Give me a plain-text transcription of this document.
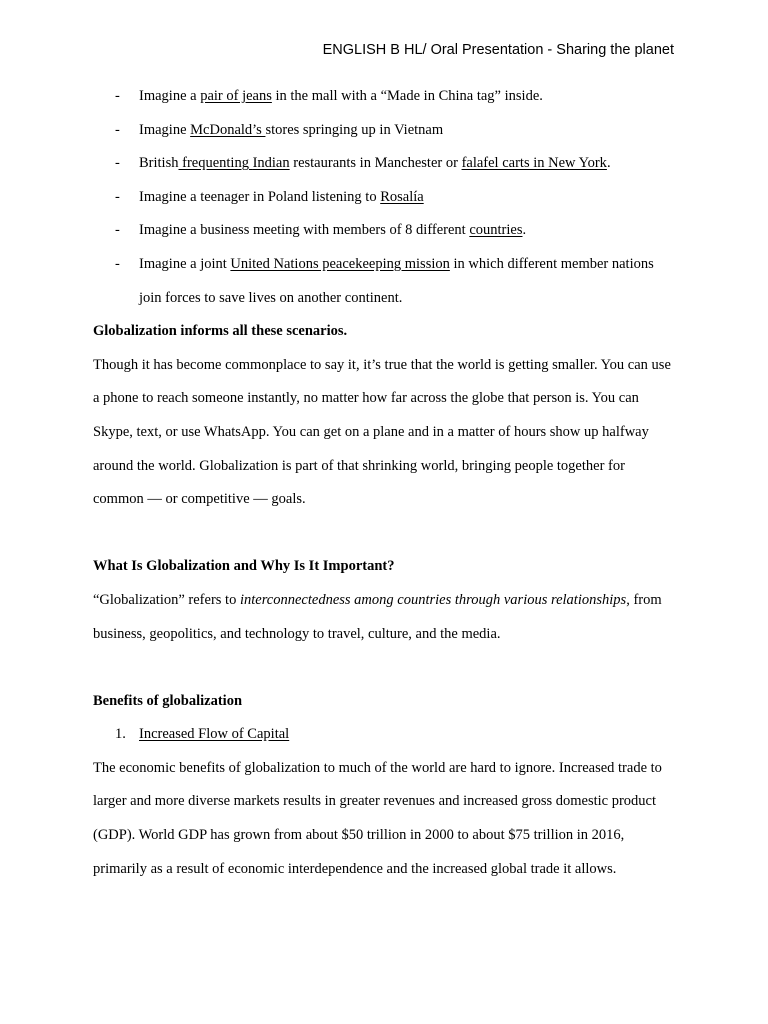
ENGLISH B HL/ Oral Presentation - Sharing the planet
- Imagine a pair of jeans in the mall with a “Made in China tag” inside.
- Imagine McDonald’s stores springing up in Vietnam
- British frequenting Indian restaurants in Manchester or falafel carts in New York.
- Imagine a teenager in Poland listening to Rosalía
- Imagine a business meeting with members of 8 different countries.
- Imagine a joint United Nations peacekeeping mission in which different member nations join forces to save lives on another continent.

Globalization informs all these scenarios.

Though it has become commonplace to say it, it’s true that the world is getting smaller. You can use a phone to reach someone instantly, no matter how far across the globe that person is. You can Skype, text, or use WhatsApp. You can get on a plane and in a matter of hours show up halfway around the world. Globalization is part of that shrinking world, bringing people together for common — or competitive — goals.

What Is Globalization and Why Is It Important?

“Globalization” refers to interconnectedness among countries through various relationships, from business, geopolitics, and technology to travel, culture, and the media.

Benefits of globalization

1. Increased Flow of Capital

The economic benefits of globalization to much of the world are hard to ignore. Increased trade to larger and more diverse markets results in greater revenues and increased gross domestic product (GDP). World GDP has grown from about $50 trillion in 2000 to about $75 trillion in 2016, primarily as a result of economic interdependence and the increased global trade it allows.
